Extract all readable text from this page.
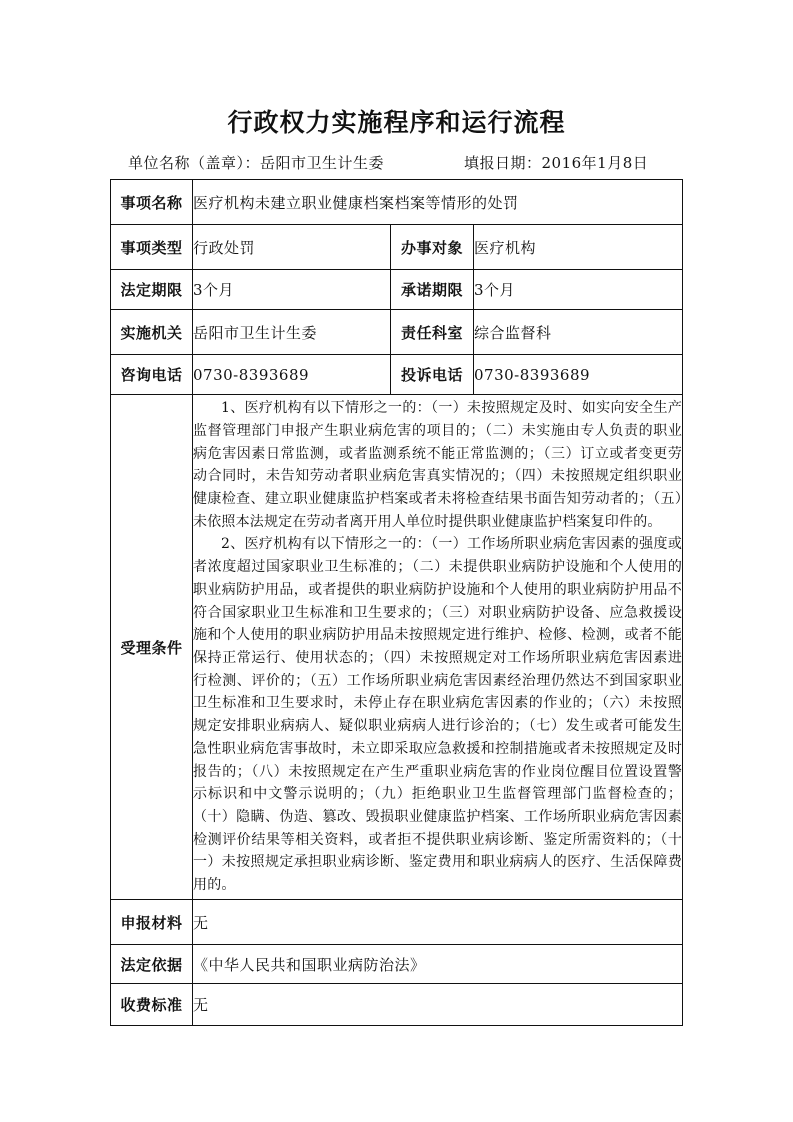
行政权力实施程序和运行流程
单位名称（盖章）：岳阳市卫生计生委	填报日期：2016年1月8日
事项名称	医疗机构未建立职业健康档案档案等情形的处罚		
事项类型	行政处罚	办事对象	医疗机构
法定期限	3个月	承诺期限	3个月
实施机关	岳阳市卫生计生委	责任科室	综合监督科
咨询电话	0730-8393689	投诉电话	0730-8393689
受理条件	1、医疗机构有以下情形之一的：（一）未按照规定及时、如实向安全生产监督管理部门申报产生职业病危害的项目的；（二）未实施由专人负责的职业病危害因素日常监测，或者监测系统不能正常监测的；（三）订立或者变更劳动合同时，未告知劳动者职业病危害真实情况的；（四）未按照规定组织职业健康检查、建立职业健康监护档案或者未将检查结果书面告知劳动者的；（五）未依照本法规定在劳动者离开用人单位时提供职业健康监护档案复印件的。

2、医疗机构有以下情形之一的：（一）工作场所职业病危害因素的强度或者浓度超过国家职业卫生标准的；（二）未提供职业病防护设施和个人使用的职业病防护用品，或者提供的职业病防护设施和个人使用的职业病防护用品不符合国家职业卫生标准和卫生要求的；（三）对职业病防护设备、应急救援设施和个人使用的职业病防护用品未按照规定进行维护、检修、检测，或者不能保持正常运行、使用状态的；（四）未按照规定对工作场所职业病危害因素进行检测、评价的；（五）工作场所职业病危害因素经治理仍然达不到国家职业卫生标准和卫生要求时，未停止存在职业病危害因素的作业的；（六）未按照规定安排职业病病人、疑似职业病病人进行诊治的；（七）发生或者可能发生急性职业病危害事故时，未立即采取应急救援和控制措施或者未按照规定及时报告的；（八）未按照规定在产生严重职业病危害的作业岗位醒目位置设置警示标识和中文警示说明的；（九）拒绝职业卫生监督管理部门监督检查的；（十）隐瞒、伪造、篡改、毁损职业健康监护档案、工作场所职业病危害因素检测评价结果等相关资料，或者拒不提供职业病诊断、鉴定所需资料的；（十一）未按照规定承担职业病诊断、鉴定费用和职业病病人的医疗、生活保障费用的。		

申报材料	无		
法定依据	《中华人民共和国职业病防治法》		
收费标准	无		
